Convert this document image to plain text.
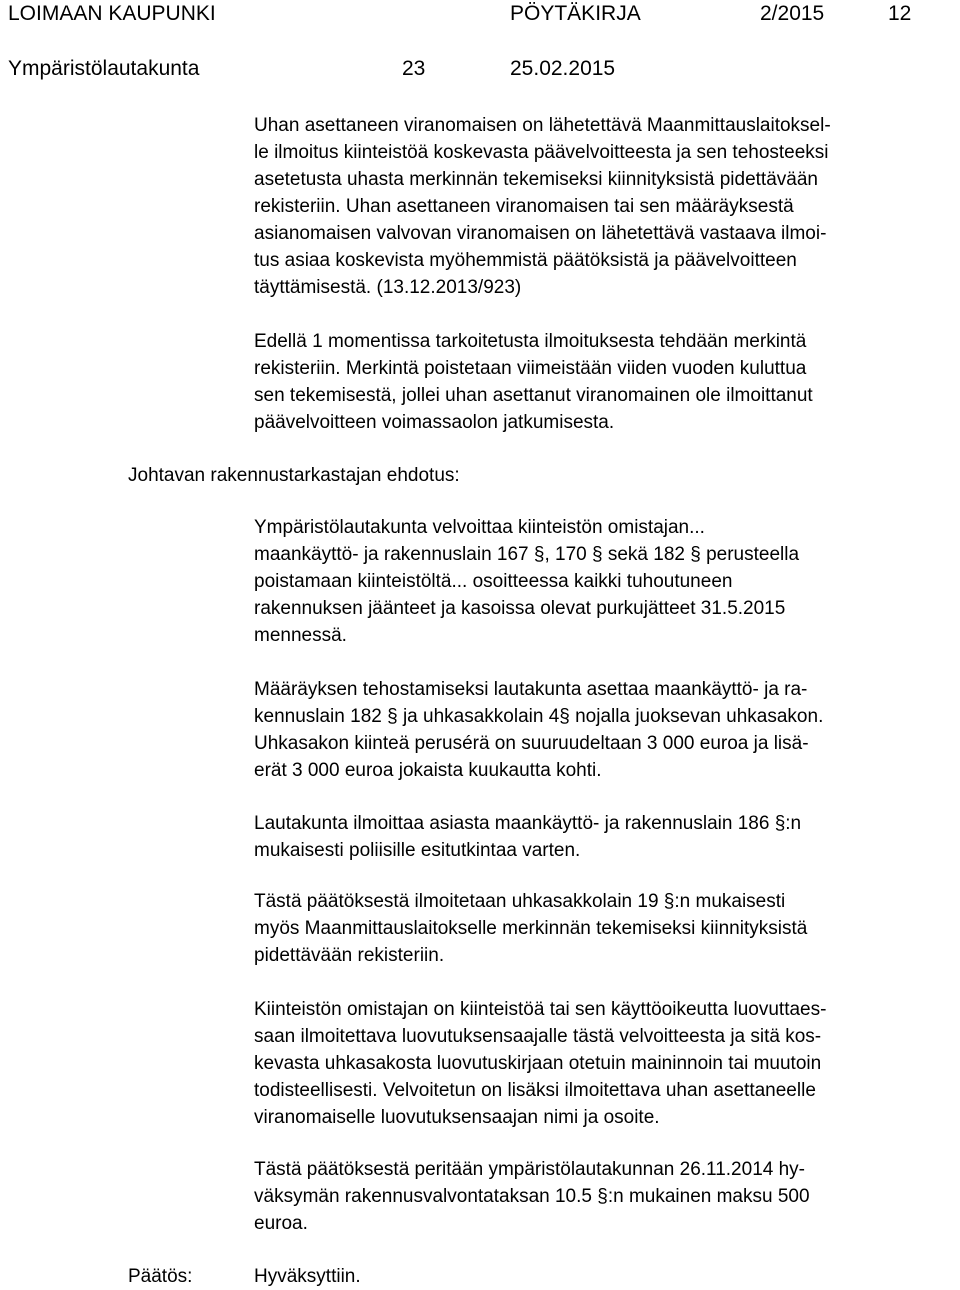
LOIMAAN KAUPUNKI	PÖYTÄKIRJA	2/2015	12
Ympäristölautakunta	23	25.02.2015
Uhan asettaneen viranomaisen on lähetettävä Maanmittauslaitoksel-
le ilmoitus kiinteistöä koskevasta päävelvoitteesta ja sen tehosteeksi
asetetusta uhasta merkinnän tekemiseksi kiinnityksistä pidettävään
rekisteriin. Uhan asettaneen viranomaisen tai sen määräyksestä
asianomaisen valvovan viranomaisen on lähetettävä vastaava ilmoi-
tus asiaa koskevista myöhemmistä päätöksistä ja päävelvoitteen
täyttämisestä. (13.12.2013/923)
Edellä 1 momentissa tarkoitetusta ilmoituksesta tehdään merkintä
rekisteriin. Merkintä poistetaan viimeistään viiden vuoden kuluttua
sen tekemisestä, jollei uhan asettanut viranomainen ole ilmoittanut
päävelvoitteen voimassaolon jatkumisesta.
Johtavan rakennustarkastajan ehdotus:
Ympäristölautakunta velvoittaa kiinteistön omistajan...
maankäyttö- ja rakennuslain 167 §, 170 § sekä 182 § perusteella
poistamaan kiinteistöltä... osoitteessa kaikki tuhoutuneen
rakennuksen jäänteet ja kasoissa olevat purkujätteet 31.5.2015
mennessä.
Määräyksen tehostamiseksi lautakunta asettaa maankäyttö- ja ra-
kennuslain 182 § ja uhkasakkolain 4§ nojalla juoksevan uhkasakon.
Uhkasakon kiinteä perusérä on suuruudeltaan 3 000 euroa ja lisä-
erät 3 000 euroa jokaista kuukautta kohti.
Lautakunta ilmoittaa asiasta maankäyttö- ja rakennuslain 186 §:n
mukaisesti poliisille esitutkintaa varten.
Tästä päätöksestä ilmoitetaan uhkasakkolain 19 §:n mukaisesti
myös Maanmittauslaitokselle merkinnän tekemiseksi kiinnityksistä
pidettävään rekisteriin.
Kiinteistön omistajan on kiinteistöä tai sen käyttöoikeutta luovuttaes-
saan ilmoitettava luovutuksensaajalle tästä velvoitteesta ja sitä kos-
kevasta uhkasakosta luovutuskirjaan otetuin maininnoin tai muutoin
todisteellisesti. Velvoitetun on lisäksi ilmoitettava uhan asettaneelle
viranomaiselle luovutuksensaajan nimi ja osoite.
Tästä päätöksestä peritään ympäristölautakunnan 26.11.2014 hy-
väksymän rakennusvalvontataksan 10.5 §:n mukainen maksu 500
euroa.
Päätös:	Hyväksyttiin.
